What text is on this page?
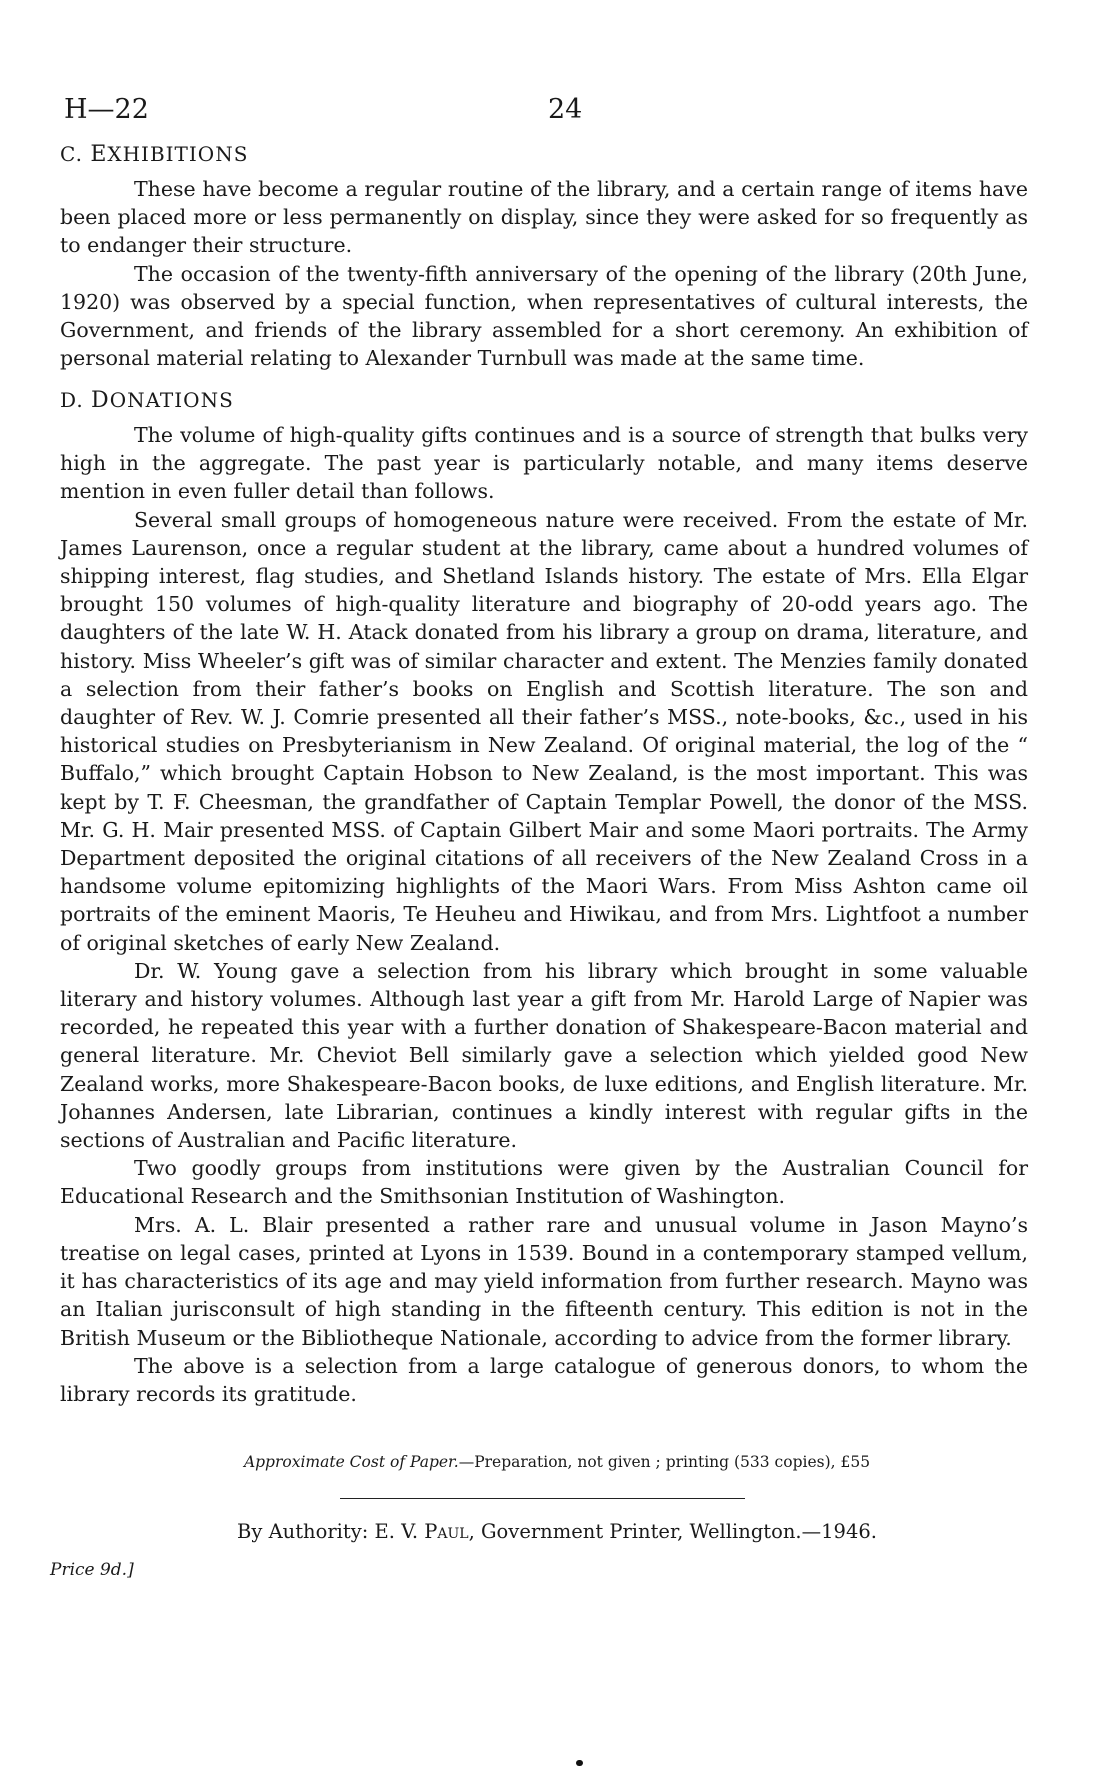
H—22	24
C. EXHIBITIONS

These have become a regular routine of the library, and a certain range of items have been placed more or less permanently on display, since they were asked for so frequently as to endanger their structure.

The occasion of the twenty-fifth anniversary of the opening of the library (20th June, 1920) was observed by a special function, when representatives of cultural interests, the Government, and friends of the library assembled for a short ceremony. An exhibition of personal material relating to Alexander Turnbull was made at the same time.

D. DONATIONS

The volume of high-quality gifts continues and is a source of strength that bulks very high in the aggregate. The past year is particularly notable, and many items deserve mention in even fuller detail than follows.

Several small groups of homogeneous nature were received. From the estate of Mr. James Laurenson, once a regular student at the library, came about a hundred volumes of shipping interest, flag studies, and Shetland Islands history. The estate of Mrs. Ella Elgar brought 150 volumes of high-quality literature and biography of 20-odd years ago. The daughters of the late W. H. Atack donated from his library a group on drama, literature, and history. Miss Wheeler’s gift was of similar character and extent. The Menzies family donated a selection from their father’s books on English and Scottish literature. The son and daughter of Rev. W. J. Comrie presented all their father’s MSS., note-books, &c., used in his historical studies on Presbyterianism in New Zealand. Of original material, the log of the “ Buffalo,” which brought Captain Hobson to New Zealand, is the most important. This was kept by T. F. Cheesman, the grandfather of Captain Templar Powell, the donor of the MSS. Mr. G. H. Mair presented MSS. of Captain Gilbert Mair and some Maori portraits. The Army Department deposited the original citations of all receivers of the New Zealand Cross in a handsome volume epitomizing highlights of the Maori Wars. From Miss Ashton came oil portraits of the eminent Maoris, Te Heuheu and Hiwikau, and from Mrs. Lightfoot a number of original sketches of early New Zealand.

Dr. W. Young gave a selection from his library which brought in some valuable literary and history volumes. Although last year a gift from Mr. Harold Large of Napier was recorded, he repeated this year with a further donation of Shakespeare-Bacon material and general literature. Mr. Cheviot Bell similarly gave a selection which yielded good New Zealand works, more Shakespeare-Bacon books, de luxe editions, and English literature. Mr. Johannes Andersen, late Librarian, continues a kindly interest with regular gifts in the sections of Australian and Pacific literature.

Two goodly groups from institutions were given by the Australian Council for Educational Research and the Smithsonian Institution of Washington.

Mrs. A. L. Blair presented a rather rare and unusual volume in Jason Mayno’s treatise on legal cases, printed at Lyons in 1539. Bound in a contemporary stamped vellum, it has characteristics of its age and may yield information from further research. Mayno was an Italian jurisconsult of high standing in the fifteenth century. This edition is not in the British Museum or the Bibliotheque Nationale, according to advice from the former library.

The above is a selection from a large catalogue of generous donors, to whom the library records its gratitude.

Approximate Cost of Paper.—Preparation, not given ; printing (533 copies), £55
By Authority: E. V. Paul, Government Printer, Wellington.—1946.
Price 9d.]
